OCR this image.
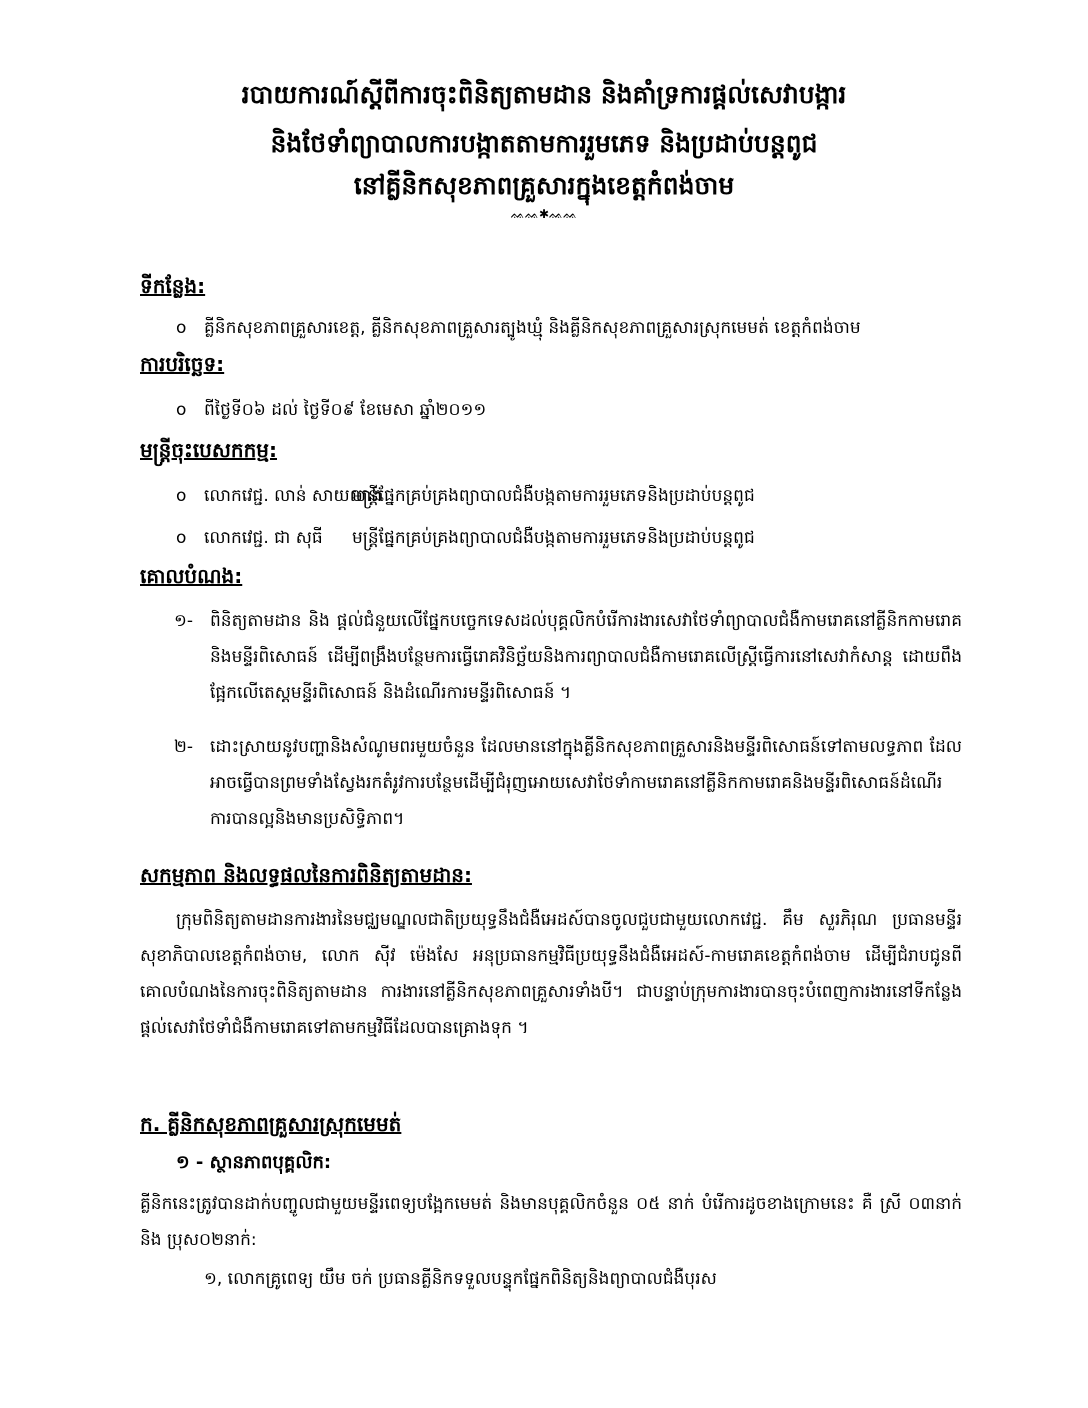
របាយការណ៍ស្តីពីការចុះពិនិត្យតាមដាន និងគាំទ្រការផ្តល់សេវាបង្ការ
និងថែទាំព្យាបាលការបង្កាតតាមការរួមភេទ និងប្រដាប់បន្តពូជ
នៅគ្លីនិកសុខភាពគ្រួសារក្នុងខេត្តកំពង់ចាម
ᨐᨐ✱ᨐᨐ
ទីកន្លែង:
o	គ្លីនិកសុខភាពគ្រួសារខេត្ត, គ្លីនិកសុខភាពគ្រួសារត្បូងឃ្មុំ និងគ្លីនិកសុខភាពគ្រួសារស្រុកមេមត់ ខេត្តកំពង់ចាម
ការបរិច្ឆេទ:
o	ពីថ្ងៃទី០៦ ដល់ ថ្ងៃទី០៩ ខែមេសា ឆ្នាំ២០១១
មន្ត្រីចុះបេសកកម្ម:
o	លោកវេជ្ជ. លាន់ សាយលាង
មន្ត្រីផ្នែកគ្រប់គ្រងព្យាបាលជំងឺបង្កតាមការរួមភេទនិងប្រដាប់បន្តពូជ
o	លោកវេជ្ជ. ជា សុធី	មន្ត្រីផ្នែកគ្រប់គ្រងព្យាបាលជំងឺបង្កតាមការរួមភេទនិងប្រដាប់បន្តពូជ
គោលបំណង:
១- ពិនិត្យតាមដាន និង ផ្តល់ជំនួយលើផ្នែកបច្ចេកទេសដល់បុគ្គលិកបំរើការងារសេវាថែទាំព្យាបាលជំងឺកាមរោគនៅគ្លីនិកកាមរោគនិងមន្ទីរពិសោធន៍ ដើម្បីពង្រឹងបន្ថែមការធ្វើរោគវិនិច្ឆ័យនិងការព្យាបាលជំងឺកាមរោគលើស្ត្រីធ្វើការនៅសេវាកំសាន្ត ដោយពឹងផ្អែកលើតេស្តមន្ទីរពិសោធន៍ និងដំណើរការមន្ទីរពិសោធន៍ ។
២- ដោះស្រាយនូវបញ្ហានិងសំណូមពរមួយចំនួន ដែលមាននៅក្នុងគ្លីនិកសុខភាពគ្រួសារនិងមន្ទីរពិសោធន៍ទៅតាមលទ្ធភាព ដែលអាចធ្វើបានព្រមទាំងស្វែងរកតំរូវការបន្ថែមដើម្បីជំរុញអោយសេវាថែទាំកាមរោគនៅគ្លីនិកកាមរោគនិងមន្ទីរពិសោធន៍ដំណើរការបានល្អនិងមានប្រសិទ្ធិភាព។
សកម្មភាព និងលទ្ធផលនៃការពិនិត្យតាមដាន:
ក្រុមពិនិត្យតាមដានការងារនៃមជ្ឈមណ្ឌលជាតិប្រយុទ្ធនឹងជំងឺអេដស៍បានចូលជួបជាមួយលោកវេជ្ជ. គឹម សួរភិរុណ ប្រធានមន្ទីរសុខាភិបាលខេត្តកំពង់ចាម, លោក ស៊ីវ ម៉េងសែ អនុប្រធានកម្មវិធីប្រយុទ្ធនឹងជំងឺអេដស៍-កាមរោគខេត្តកំពង់ចាម ដើម្បីជំរាបជូនពីគោលបំណងនៃការចុះពិនិត្យតាមដាន ការងារនៅគ្លីនិកសុខភាពគ្រួសារទាំងបី។ ជាបន្ទាប់ក្រុមការងារបានចុះបំពេញការងារនៅទីកន្លែងផ្តល់សេវាថែទាំជំងឺកាមរោគទៅតាមកម្មវិធីដែលបានគ្រោងទុក ។
ក. គ្លីនិកសុខភាពគ្រួសារស្រុកមេមត់
១ - ស្ថានភាពបុគ្គលិក:
គ្លីនិកនេះត្រូវបានដាក់បញ្ចូលជាមួយមន្ទីរពេទ្យបង្អែកមេមត់ និងមានបុគ្គលិកចំនួន ០៥ នាក់ បំរើការដូចខាងក្រោមនេះ គឺ ស្រី ០៣នាក់ និង ប្រុស០២នាក់:
១, លោកគ្រូពេទ្យ យឹម ចក់ ប្រធានគ្លីនិកទទួលបន្ទុកផ្នែកពិនិត្យនិងព្យាបាលជំងឺបុរស
